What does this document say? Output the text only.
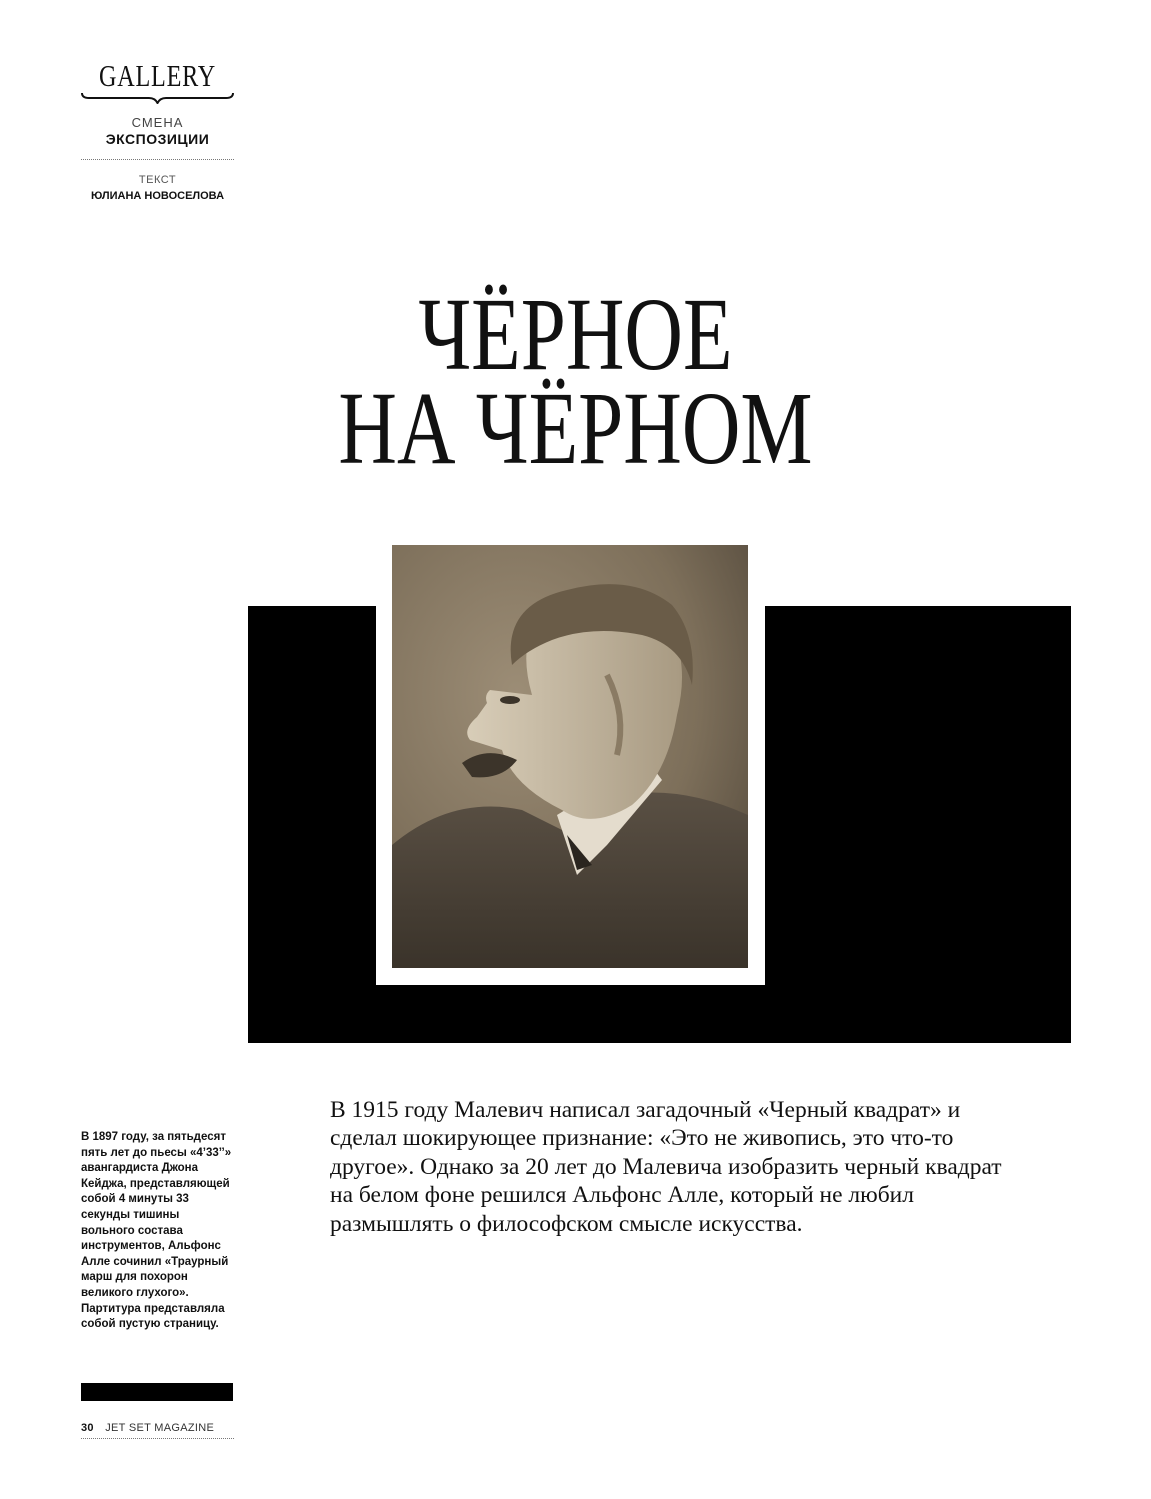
GALLERY
СМЕНА
ЭКСПОЗИЦИИ
ТЕКСТ
ЮЛИАНА НОВОСЕЛОВА
ЧЁРНОЕ
НА ЧЁРНОМ
В 1897 году, за пятьдесят пять лет до пьесы «4’33’’» авангардиста Джона Кейджа, представляющей собой 4 минуты 33 секунды тишины вольного состава инструментов, Альфонс Алле сочинил «Траурный марш для похорон великого глухого». Партитура представляла собой пустую страницу.
В 1915 году Малевич написал загадочный «Черный квадрат» и сделал шокирующее признание: «Это не живопись, это что-то другое». Однако за 20 лет до Малевича изобразить черный квадрат на белом фоне решился Альфонс Алле, который не любил размышлять о философском смысле искусства.
30 JET SET MAGAZINE
